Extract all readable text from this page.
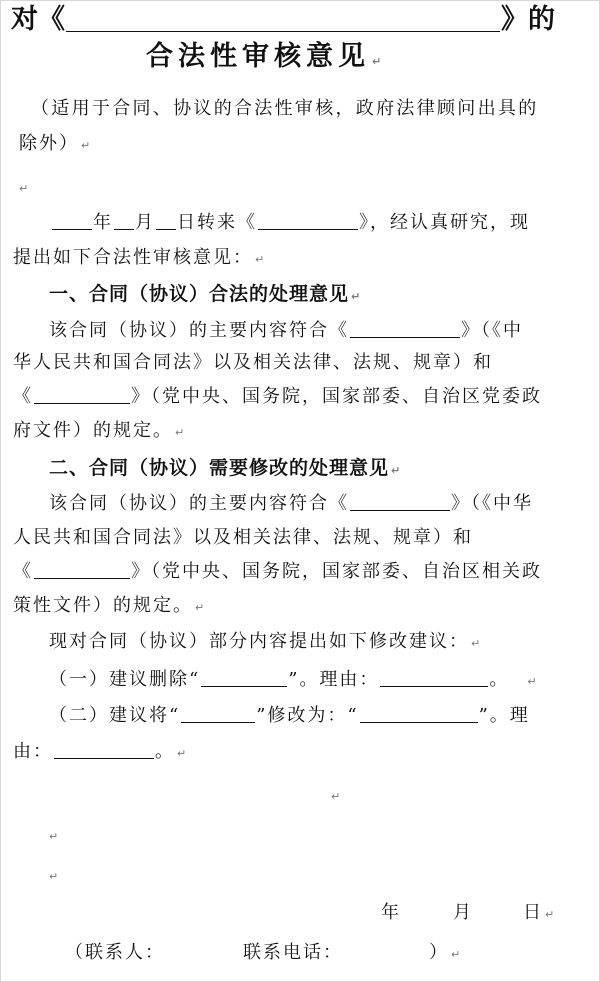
对《	》的
合法性审核意见 ↵
（适用于合同、协议的合法性审核，政府法律顾问出具的
除外） ↵
↵
年 月 日转来《	》，经认真研究，现
提出如下合法性审核意见： ↵
一、合同（协议）合法的处理意见 ↵
该合同（协议）的主要内容符合《	》（《中
华人民共和国合同法》以及相关法律、法规、规章）和
《	》（党中央、国务院，国家部委、自治区党委政
府文件）的规定。 ↵
二、合同（协议）需要修改的处理意见 ↵
该合同（协议）的主要内容符合《	》（《中华
人民共和国合同法》以及相关法律、法规、规章）和
《	》（党中央、国务院，国家部委、自治区相关政
策性文件）的规定。 ↵
现对合同（协议）部分内容提出如下修改建议： ↵
（一）建议删除“	”。理由：	。 ↵
（二）建议将“	”修改为：“	”。理
由：	。 ↵
↵
↵
↵
年	月	日 ↵
（联系人：	联系电话：	） ↵
